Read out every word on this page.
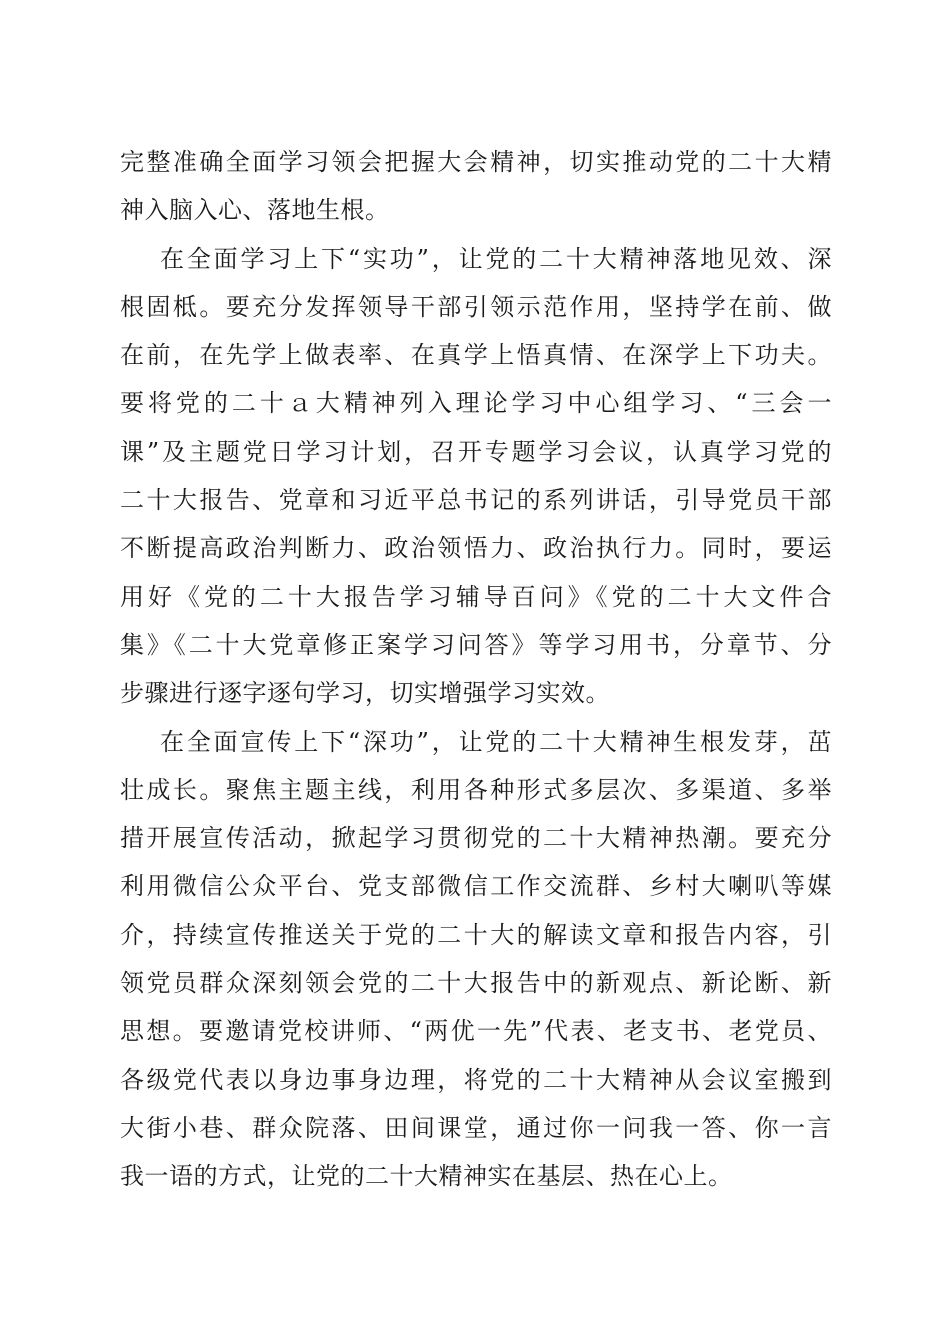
完整准确全面学习领会把握大会精神，切实推动党的二十大精
神入脑入心、落地生根。
在全面学习上下“实功”，让党的二十大精神落地见效、深
根固柢。要充分发挥领导干部引领示范作用，坚持学在前、做
在前，在先学上做表率、在真学上悟真情、在深学上下功夫。
要将党的二十ａ大精神列入理论学习中心组学习、“三会一
课”及主题党日学习计划，召开专题学习会议，认真学习党的
二十大报告、党章和习近平总书记的系列讲话，引导党员干部
不断提高政治判断力、政治领悟力、政治执行力。同时，要运
用好《党的二十大报告学习辅导百问》《党的二十大文件合
集》《二十大党章修正案学习问答》等学习用书，分章节、分
步骤进行逐字逐句学习，切实增强学习实效。
在全面宣传上下“深功”，让党的二十大精神生根发芽，茁
壮成长。聚焦主题主线，利用各种形式多层次、多渠道、多举
措开展宣传活动，掀起学习贯彻党的二十大精神热潮。要充分
利用微信公众平台、党支部微信工作交流群、乡村大喇叭等媒
介，持续宣传推送关于党的二十大的解读文章和报告内容，引
领党员群众深刻领会党的二十大报告中的新观点、新论断、新
思想。要邀请党校讲师、“两优一先”代表、老支书、老党员、
各级党代表以身边事身边理，将党的二十大精神从会议室搬到
大街小巷、群众院落、田间课堂，通过你一问我一答、你一言
我一语的方式，让党的二十大精神实在基层、热在心上。
